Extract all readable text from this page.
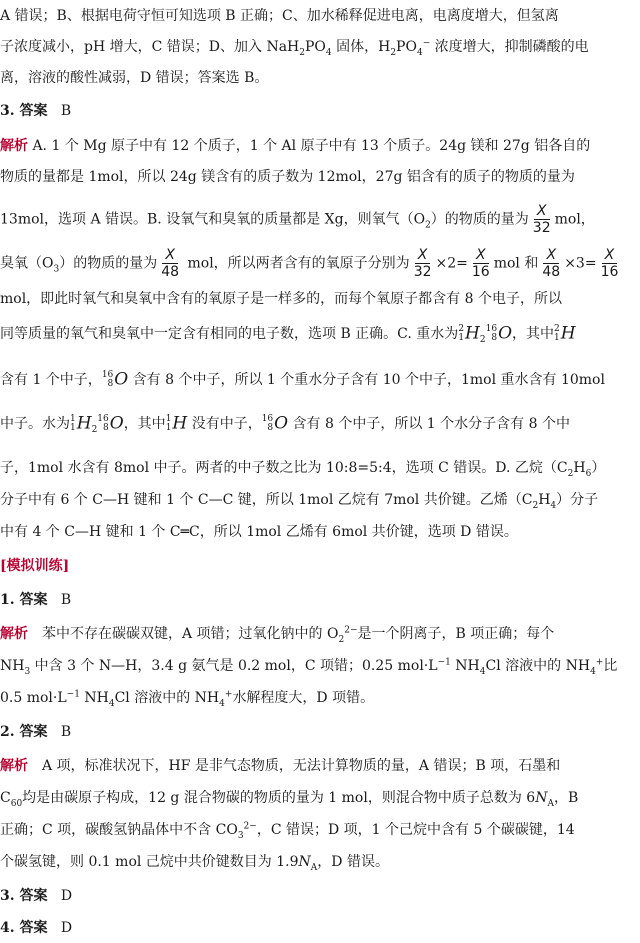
A 错误；B、根据电荷守恒可知选项 B 正确；C、加水稀释促进电离，电离度增大，但氢离
子浓度减小，pH 增大，C 错误；D、加入 $NaH_2PO_4$ 固体，$H_2PO_4^-$ 浓度增大，抑制磷酸的电
离，溶液的酸性减弱，D 错误；答案选 B。
3. 答案 B
解析 A. 1 个 Mg 原子中有 12 个质子，1 个 Al 原子中有 13 个质子。24g 镁和 27g 铝各自的
物质的量都是 1mol，所以 24g 镁含有的质子数为 12mol，27g 铝含有的质子的物质的量为
13mol，选项 A 错误。B. 设氧气和臭氧的质量都是 Xg，则氧气$(O_2)$的物质的量为 $\frac{X}{32}$ mol，
臭氧$(O_3)$的物质的量为 $\frac{X}{48}$ mol，所以两者含有的氧原子分别为 $\frac{X}{32} \times 2= \frac{X}{16}$ mol 和 $\frac{X}{48} \times 3= \frac{X}{16}$
mol，即此时氧气和臭氧中含有的氧原子是一样多的，而每个氧原子都含有 8 个电子，所以
同等质量的氧气和臭氧中一定含有相同的电子数，选项 B 正确。C. 重水为 2
1 $H_2$
16
8 O，其中 2
1 H
含有 1 个中子， 16
8 O 含有 8 个中子，所以 1 个重水分子含有 10 个中子，1mol 重水含有 10mol
中子。水为 1
1 $H_2$
16
8 O，其中 1
1 H 没有中子， 16
8 O 含有 8 个中子，所以 1 个水分子含有 8 个中
子，1mol 水含有 8mol 中子。两者的中子数之比为 10:8=5:4，选项 C 错误。D. 乙烷$(C_2H_6)$
分子中有 6 个 C—H 键和 1 个 C—C 键，所以 1mol 乙烷有 7mol 共价键。乙烯$(C_2H_4)$分子
中有 4 个 C—H 键和 1 个 C═C，所以 1mol 乙烯有 6mol 共价键，选项 D 错误。
[模拟训练]
1. 答案 B
解析　苯中不存在碳碳双键，A 项错；过氧化钠中的 $O_2^{2-}$是一个阴离子，B 项正确；每个
$NH_3$ 中含 3 个 N—H，3.4 g 氨气是 0.2 mol，C 项错；0.25 $mol\cdot L^{-1}$ $NH_4Cl$ 溶液中的 $NH_4^+$比
0.5 $mol\cdot L^{-1}$ $NH_4Cl$ 溶液中的 $NH_4^+$水解程度大，D 项错。
2. 答案 B
解析　A 项，标准状况下，HF 是非气态物质，无法计算物质的量，A 错误；B 项，石墨和
$C_{60}$均是由碳原子构成，12 g 混合物碳的物质的量为 1 mol，则混合物中质子总数为 $6N_A$，B
正确；C 项，碳酸氢钠晶体中不含 $CO_3^{2-}$，C 错误；D 项，1 个己烷中含有 5 个碳碳键，14
个碳氢键，则 0.1 mol 己烷中共价键数目为 $1.9N_A$，D 错误。
3. 答案 D
4. 答案 D
